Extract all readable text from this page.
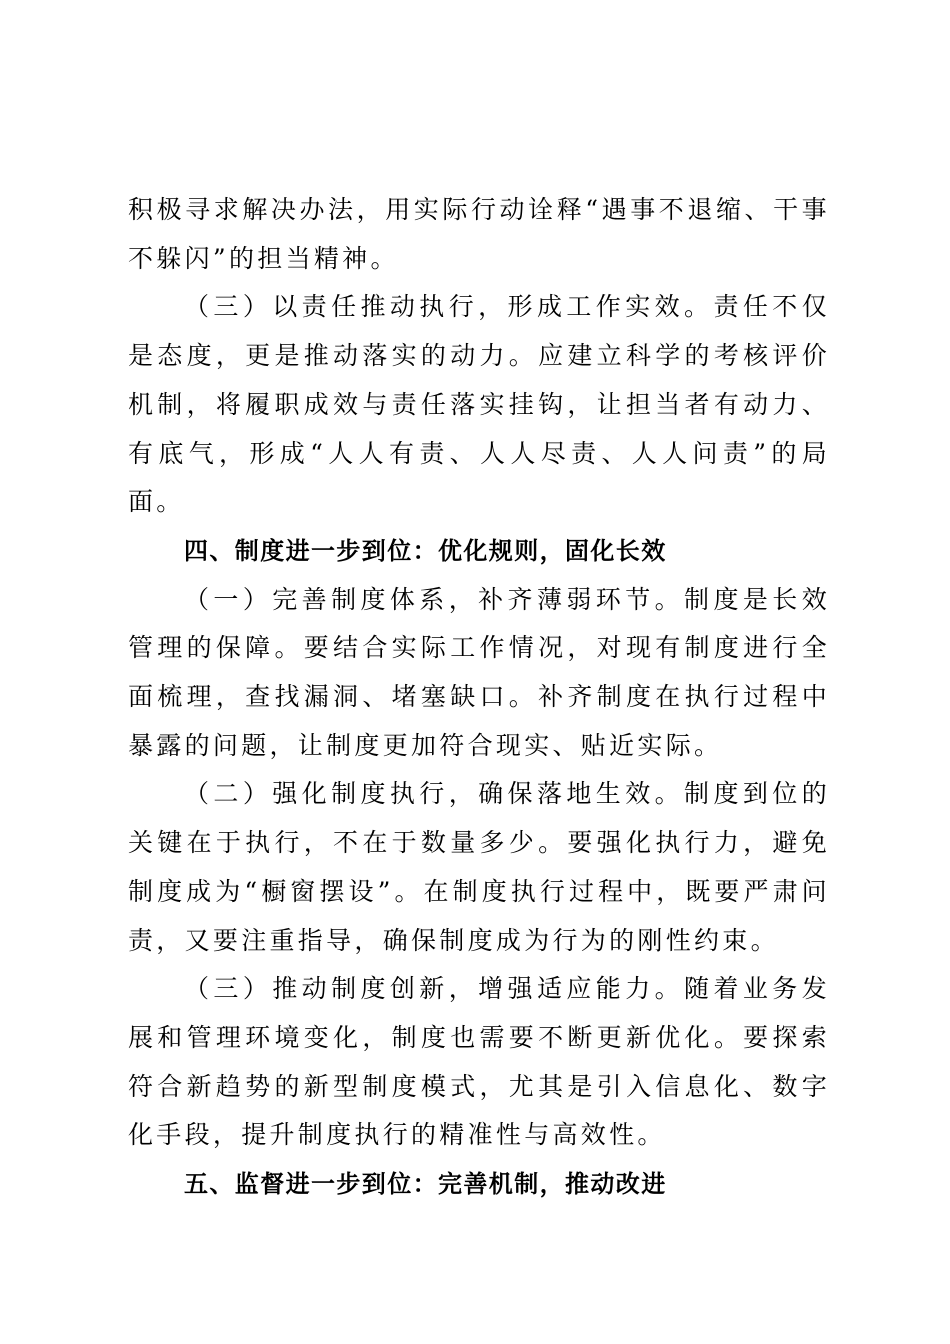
积极寻求解决办法，用实际行动诠释“遇事不退缩、干事不躲闪”的担当精神。

（三）以责任推动执行，形成工作实效。责任不仅是态度，更是推动落实的动力。应建立科学的考核评价机制，将履职成效与责任落实挂钩，让担当者有动力、有底气，形成“人人有责、人人尽责、人人问责”的局面。

四、制度进一步到位：优化规则，固化长效

（一）完善制度体系，补齐薄弱环节。制度是长效管理的保障。要结合实际工作情况，对现有制度进行全面梳理，查找漏洞、堵塞缺口。补齐制度在执行过程中暴露的问题，让制度更加符合现实、贴近实际。

（二）强化制度执行，确保落地生效。制度到位的关键在于执行，不在于数量多少。要强化执行力，避免制度成为“橱窗摆设”。在制度执行过程中，既要严肃问责，又要注重指导，确保制度成为行为的刚性约束。

（三）推动制度创新，增强适应能力。随着业务发展和管理环境变化，制度也需要不断更新优化。要探索符合新趋势的新型制度模式，尤其是引入信息化、数字化手段，提升制度执行的精准性与高效性。

五、监督进一步到位：完善机制，推动改进
